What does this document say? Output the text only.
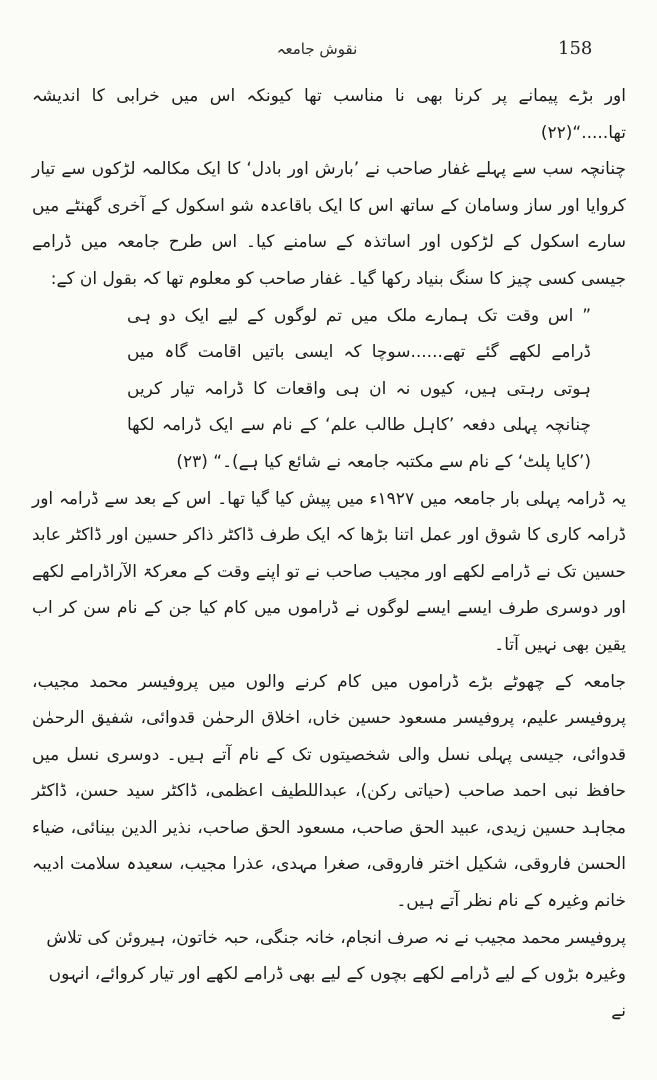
158
نقوش جامعہ

اور بڑے پیمانے پر کرنا بھی نا مناسب تھا کیونکہ اس میں خرابی کا اندیشہ تھا.....“(۲۲)

چنانچہ سب سے پہلے غفار صاحب نے ’بارش اور بادل‘ کا ایک مکالمہ لڑکوں سے تیار کروایا اور ساز وسامان کے ساتھ اس کا ایک باقاعدہ شو اسکول کے آخری گھنٹے میں سارے اسکول کے لڑکوں اور اساتذہ کے سامنے کیا۔ اس طرح جامعہ میں ڈرامے جیسی کسی چیز کا سنگ بنیاد رکھا گیا۔ غفار صاحب کو معلوم تھا کہ بقول ان کے:

” اس وقت تک ہمارے ملک میں تم لوگوں کے لیے ایک دو ہی ڈرامے لکھے گئے تھے......سوچا کہ ایسی باتیں اقامت گاہ میں ہوتی رہتی ہیں، کیوں نہ ان ہی واقعات کا ڈرامہ تیار کریں چنانچہ پہلی دفعہ ’کاہل طالب علم‘ کے نام سے ایک ڈرامہ لکھا (’کایا پلٹ‘ کے نام سے مکتبہ جامعہ نے شائع کیا ہے)۔“ (۲۳)

یہ ڈرامہ پہلی بار جامعہ میں ۱۹۲۷ء میں پیش کیا گیا تھا۔ اس کے بعد سے ڈرامہ اور ڈرامہ کاری کا شوق اور عمل اتنا بڑھا کہ ایک طرف ڈاکٹر ذاکر حسین اور ڈاکٹر عابد حسین تک نے ڈرامے لکھے اور مجیب صاحب نے تو اپنے وقت کے معرکۃ الآراڈرامے لکھے اور دوسری طرف ایسے ایسے لوگوں نے ڈراموں میں کام کیا جن کے نام سن کر اب یقین بھی نہیں آتا۔

جامعہ کے چھوٹے بڑے ڈراموں میں کام کرنے والوں میں پروفیسر محمد مجیب، پروفیسر علیم، پروفیسر مسعود حسین خاں، اخلاق الرحمٰن قدوائی، شفیق الرحمٰن قدوائی، جیسی پہلی نسل والی شخصیتوں تک کے نام آتے ہیں۔ دوسری نسل میں حافظ نبی احمد صاحب (حیاتی رکن)، عبداللطیف اعظمی، ڈاکٹر سید حسن، ڈاکٹر مجاہد حسین زیدی، عبید الحق صاحب، مسعود الحق صاحب، نذیر الدین بینائی، ضیاء الحسن فاروقی، شکیل اختر فاروقی، صغرا مہدی، عذرا مجیب، سعیدہ سلامت ادیبہ خانم وغیرہ کے نام نظر آتے ہیں۔

پروفیسر محمد مجیب نے نہ صرف انجام، خانہ جنگی، حبہ خاتون، ہیروئن کی تلاش وغیرہ بڑوں کے لیے ڈرامے لکھے بچوں کے لیے بھی ڈرامے لکھے اور تیار کروائے، انہوں نے
